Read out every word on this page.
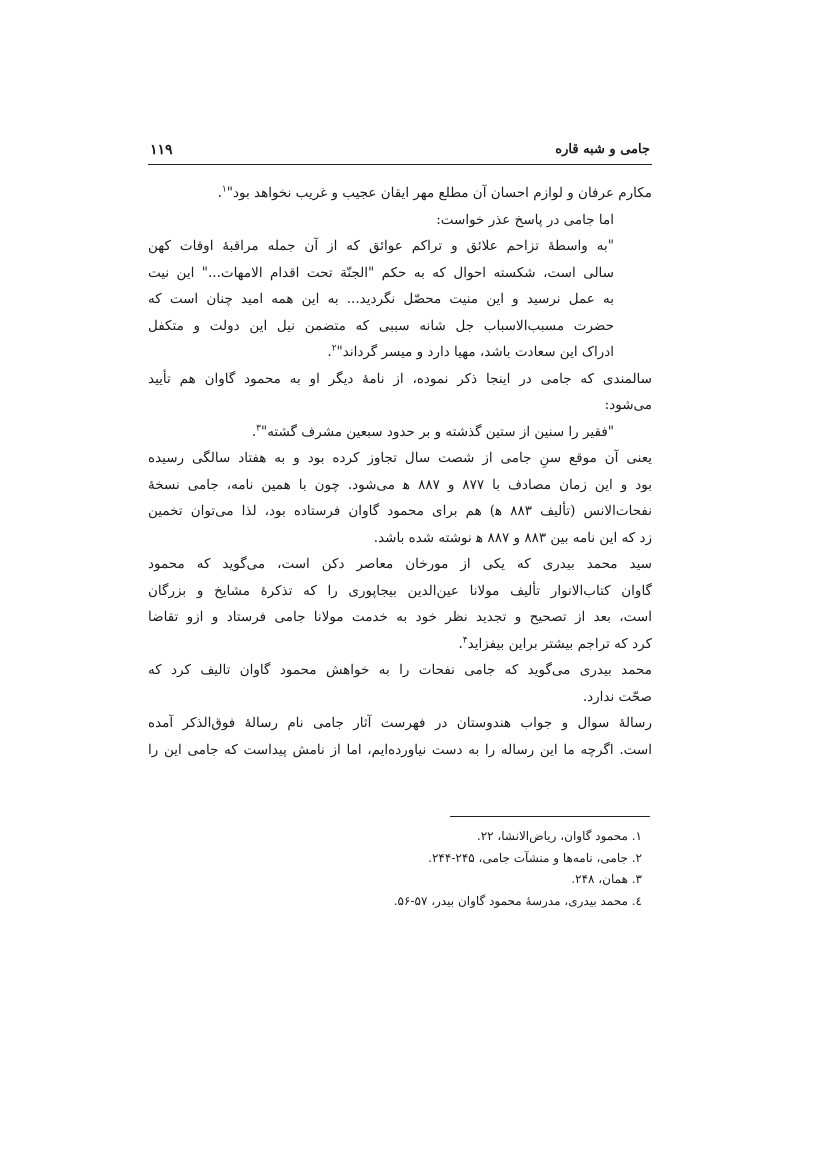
۱۱۹	جامی و شبه قاره
مکارم عرفان و لوازم احسان آن مطلع مهر ایقان عجیب و غریب نخواهد بود"$^۱$.
اما جامی در پاسخ عذر خواست:
"به واسطهٔ تزاحم علائق و تراکم عوائق که از آن جمله مراقبهٔ اوقات کهن
سالی است، شکسته احوال که به حکم "الجنّة تحت اقدام الامهات..." این نیت
به عمل نرسید و این منیت محصّل نگردید... به این همه امید چنان است که
حضرت مسبب‌الاسباب جل شانه سببی که متضمن نیل این دولت و متکفل
ادراک این سعادت باشد، مهیا دارد و میسر گرداند"$^۲$.
سالمندی که جامی در اینجا ذکر نموده، از نامهٔ دیگر او به محمود گاوان هم تأیید
می‌شود:
"فقیر را سنین از ستین گذشته و بر حدود سبعین مشرف گشته"$^۳$.
یعنی آن موقع سنِ جامی از شصت سال تجاوز کرده بود و به هفتاد سالگی رسیده
بود و این زمان مصادف با ۸۷۷ و ۸۸۷ ﻫ می‌شود. چون با همین نامه، جامی نسخهٔ
نفحات‌الانس (تألیف ۸۸۳ ﻫ) هم برای محمود گاوان فرستاده بود، لذا می‌توان تخمین
زد که این نامه بین ۸۸۳ و ۸۸۷ ﻫ نوشته شده باشد.
سید محمد بیدری که یکی از مورخان معاصر دکن است، می‌گوید که محمود
گاوان کتاب‌الانوار تألیف مولانا عین‌الدین بیجاپوری را که تذکرهٔ مشایخ و بزرگان
است، بعد از تصحیح و تجدید نظر خود به خدمت مولانا جامی فرستاد و ازو تقاضا
کرد که تراجم بیشتر براین بیفزاید$^۴$.
محمد بیدری می‌گوید که جامی نفحات را به خواهش محمود گاوان تالیف کرد که
صحّت ندارد.
رسالهٔ سوال و جواب هندوستان در فهرست آثار جامی نام رسالهٔ فوق‌الذکر آمده
است. اگرچه ما این رساله را به دست نیاورده‌ایم، اما از نامش پیداست که جامی این را
۱. محمود گاوان، ریاض‌الانشا، ۲۲.
۲. جامی، نامه‌ها و منشآت جامی، ۲۴۵-۲۴۴.
۳. همان، ۲۴۸.
٤. محمد بیدری، مدرسهٔ محمود گاوان بیدر، ۵۷-۵۶.
